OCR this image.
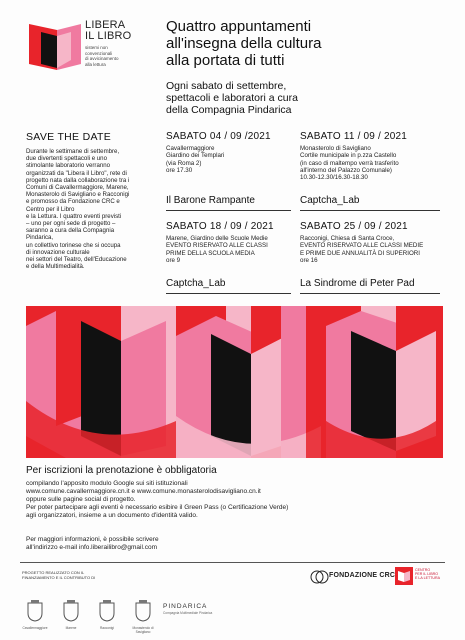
LIBERA
IL LIBRO
sistemi non
convenzionali
di avvicinamento
alla lettura
Quattro appuntamenti
all'insegna della cultura
alla portata di tutti
Ogni sabato di settembre,
spettacoli e laboratori a cura
della Compagnia Pindarica
SAVE THE DATE
Durante le settimane di settembre,
due divertenti spettacoli e uno
stimolante laboratorio verranno
organizzati da "Libera il Libro", rete di
progetto nata dalla collaborazione tra i
Comuni di Cavallermaggiore, Marene,
Monasterolo di Savigliano e Racconigi
e promosso da Fondazione CRC e
Centro per il Libro
e la Lettura. I quattro eventi previsti
– uno per ogni sede di progetto –
saranno a cura della Compagnia
Pindarica,
un collettivo torinese che si occupa
di innovazione culturale
nei settori del Teatro, dell'Educazione
e della Multimedialità.
SABATO 04 / 09 /2021
Cavallermaggiore
Giardino dei Templari
(via Roma 2)
ore 17.30
Il Barone Rampante
SABATO 11 / 09 / 2021
Monasterolo di Savigliano
Cortile municipale in p.zza Castello
(in caso di maltempo verrà trasferito
all'interno del Palazzo Comunale)
10.30-12.30/16.30-18.30
Captcha_Lab
SABATO 18 / 09 / 2021
Marene, Giardino delle Scuole Medie
EVENTO RISERVATO ALLE CLASSI
PRIME DELLA SCUOLA MEDIA
ore 9
Captcha_Lab
SABATO 25 / 09 / 2021
Racconigi, Chiesa di Santa Croce,
EVENTO RISERVATO ALLE CLASSI MEDIE
E PRIME DUE ANNUALITÀ DI SUPERIORI
ore 16
La Sindrome di Peter Pad
Per iscrizioni la prenotazione è obbligatoria
compilando l'apposito modulo Google sui siti istituzionali
www.comune.cavallermaggiore.cn.it e www.comune.monasterolodisavigliano.cn.it
oppure sulle pagine social di progetto.
Per poter partecipare agli eventi è necessario esibire il Green Pass (o Certificazione Verde)
agli organizzatori, insieme a un documento d'identità valido.
Per maggiori informazioni, è possibile scrivere
all'indirizzo e-mail info.liberailibro@gmail.com
PROGETTO REALIZZATO CON IL
FINANZIAMENTO E IL CONTRIBUTO DI	FONDAZIONE CRC
CENTRO
PER IL LIBRO
E LA LETTURA
Cavallermaggiore	Marene	Racconigi	Monasterolo di Savigliano
PINDARICA
Compagnia Multimediale Pindarica
